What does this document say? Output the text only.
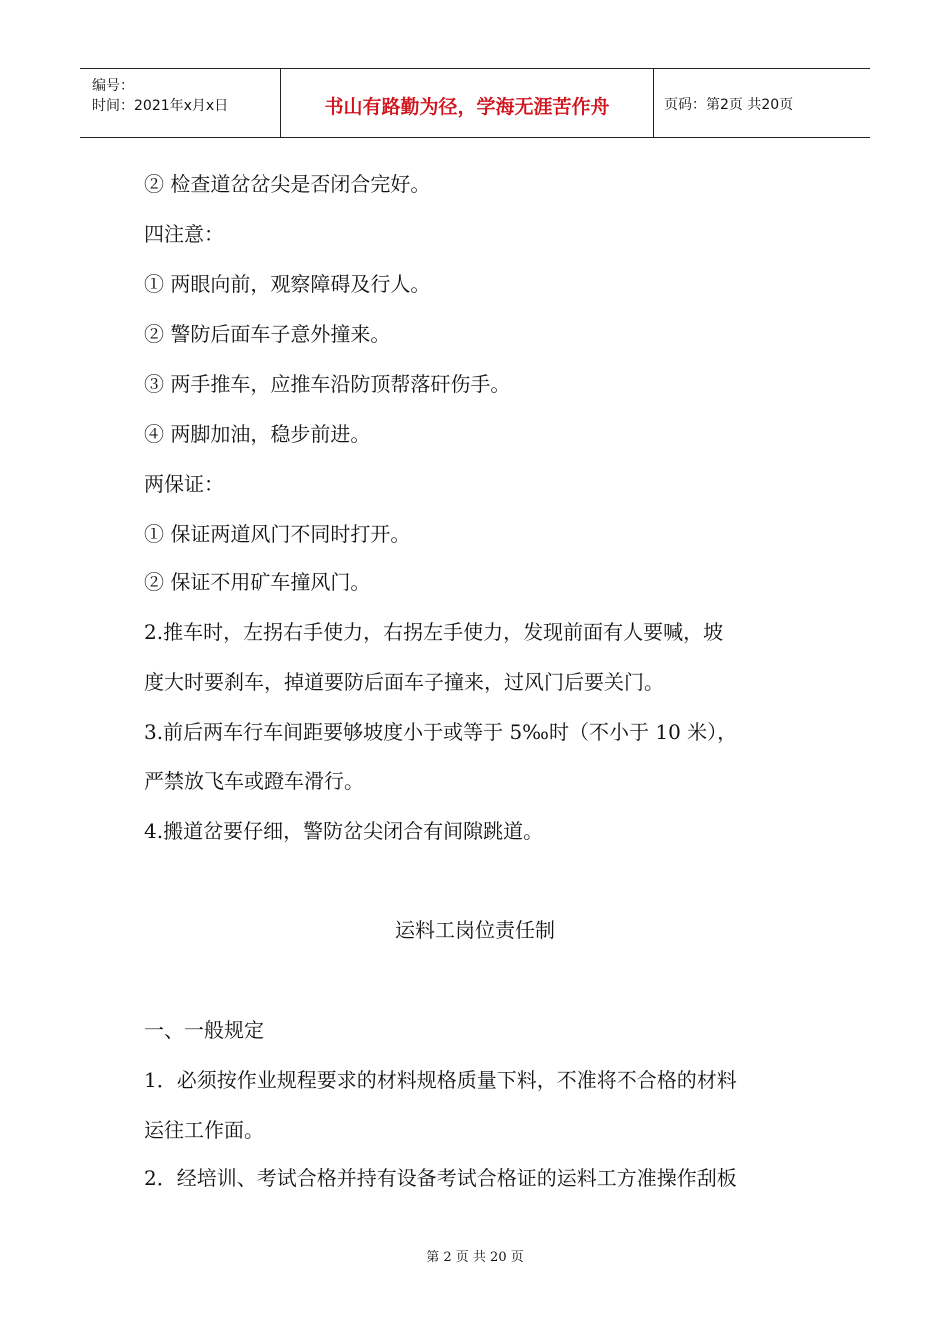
编号：
时间：2021年x月x日	书山有路勤为径，学海无涯苦作舟	页码：第2页 共20页
② 检查道岔岔尖是否闭合完好。
四注意：
① 两眼向前，观察障碍及行人。
② 警防后面车子意外撞来。
③ 两手推车，应推车沿防顶帮落矸伤手。
④ 两脚加油，稳步前进。
两保证：
① 保证两道风门不同时打开。
② 保证不用矿车撞风门。
2.推车时，左拐右手使力，右拐左手使力，发现前面有人要喊，坡
度大时要刹车，掉道要防后面车子撞来，过风门后要关门。
3.前后两车行车间距要够坡度小于或等于 5‰时（不小于 10 米），
严禁放飞车或蹬车滑行。
4.搬道岔要仔细，警防岔尖闭合有间隙跳道。
运料工岗位责任制
一、一般规定
1．必须按作业规程要求的材料规格质量下料，不准将不合格的材料
运往工作面。
2．经培训、考试合格并持有设备考试合格证的运料工方准操作刮板
第 2 页 共 20 页
